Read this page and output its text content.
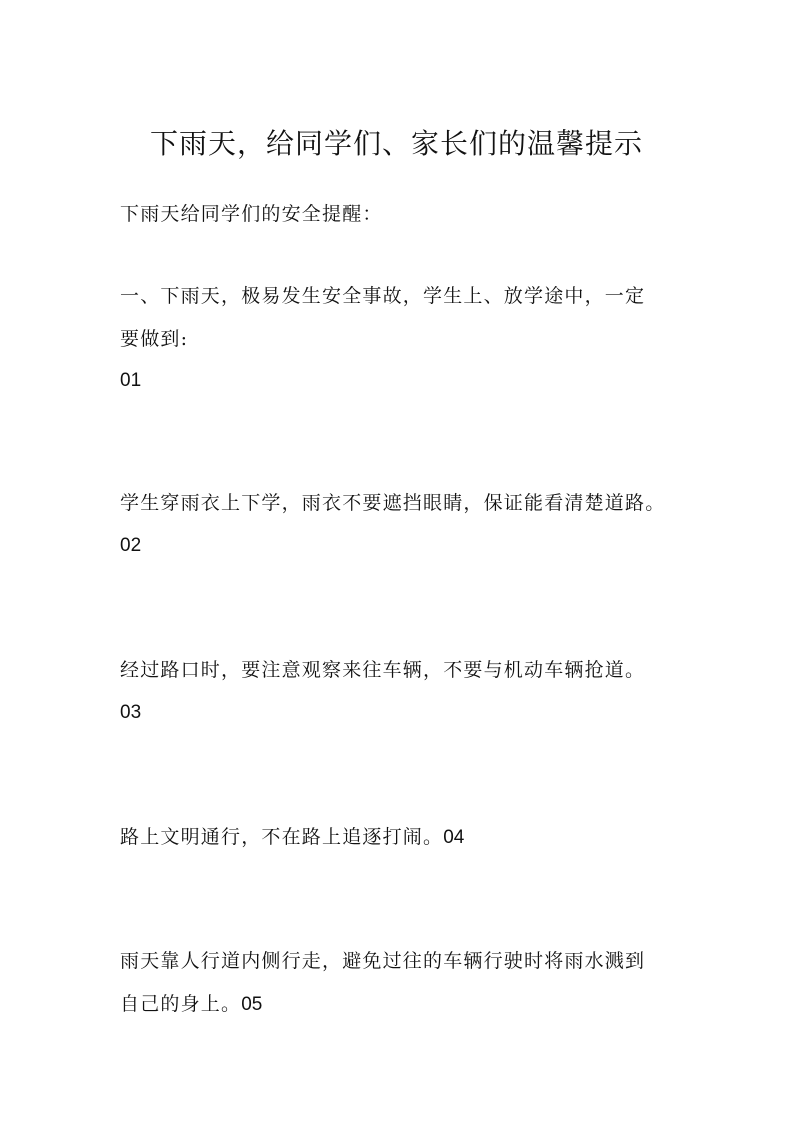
下雨天，给同学们、家长们的温馨提示
下雨天给同学们的安全提醒：
一、下雨天，极易发生安全事故，学生上、放学途中，一定
要做到:
01
学生穿雨衣上下学，雨衣不要遮挡眼睛，保证能看清楚道路。
02
经过路口时，要注意观察来往车辆，不要与机动车辆抢道。
03
路上文明通行，不在路上追逐打闹。04
雨天靠人行道内侧行走，避免过往的车辆行驶时将雨水溅到
自己的身上。05
